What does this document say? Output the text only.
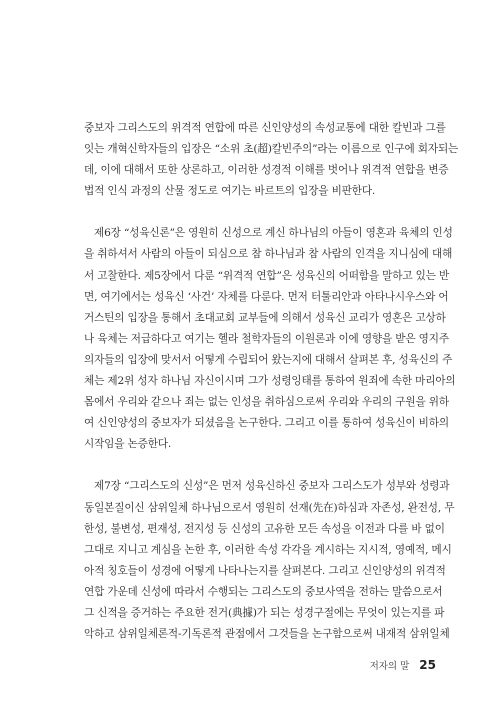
중보자 그리스도의 위격적 연합에 따른 신인양성의 속성교통에 대한 칼빈과 그를
잇는 개혁신학자들의 입장은 “소위 초(超)칼빈주의”라는 이름으로 인구에 회자되는
데, 이에 대해서 또한 상론하고, 이러한 성경적 이해를 벗어나 위격적 연합을 변증
법적 인식 과정의 산물 정도로 여기는 바르트의 입장을 비판한다.

제6장 “성육신론”은 영원히 신성으로 계신 하나님의 아들이 영혼과 육체의 인성
을 취하셔서 사람의 아들이 되심으로 참 하나님과 참 사람의 인격을 지니심에 대해
서 고찰한다. 제5장에서 다룬 “위격적 연합”은 성육신의 어떠함을 말하고 있는 반
면, 여기에서는 성육신 ‘사건’ 자체를 다룬다. 먼저 터툴리안과 아타나시우스와 어
거스틴의 입장을 통해서 초대교회 교부들에 의해서 성육신 교리가 영혼은 고상하
나 육체는 저급하다고 여기는 헬라 철학자들의 이원론과 이에 영향을 받은 영지주
의자들의 입장에 맞서서 어떻게 수립되어 왔는지에 대해서 살펴본 후, 성육신의 주
체는 제2위 성자 하나님 자신이시며 그가 성령잉태를 통하여 원죄에 속한 마리아의
몸에서 우리와 같으나 죄는 없는 인성을 취하심으로써 우리와 우리의 구원을 위하
여 신인양성의 중보자가 되셨음을 논구한다. 그리고 이를 통하여 성육신이 비하의
시작임을 논증한다.

제7장 “그리스도의 신성”은 먼저 성육신하신 중보자 그리스도가 성부와 성령과
동일본질이신 삼위일체 하나님으로서 영원히 선재(先在)하심과 자존성, 완전성, 무
한성, 불변성, 편재성, 전지성 등 신성의 고유한 모든 속성을 이전과 다를 바 없이
그대로 지니고 계심을 논한 후, 이러한 속성 각각을 계시하는 지시적, 영예적, 메시
아적 칭호들이 성경에 어떻게 나타나는지를 살펴본다. 그리고 신인양성의 위격적
연합 가운데 신성에 따라서 수행되는 그리스도의 중보사역을 전하는 말씀으로서
그 신적을 증거하는 주요한 전거(典據)가 되는 성경구절에는 무엇이 있는지를 파
악하고 삼위일체론적-기독론적 관점에서 그것들을 논구함으로써 내재적 삼위일체

저자의 말 25
